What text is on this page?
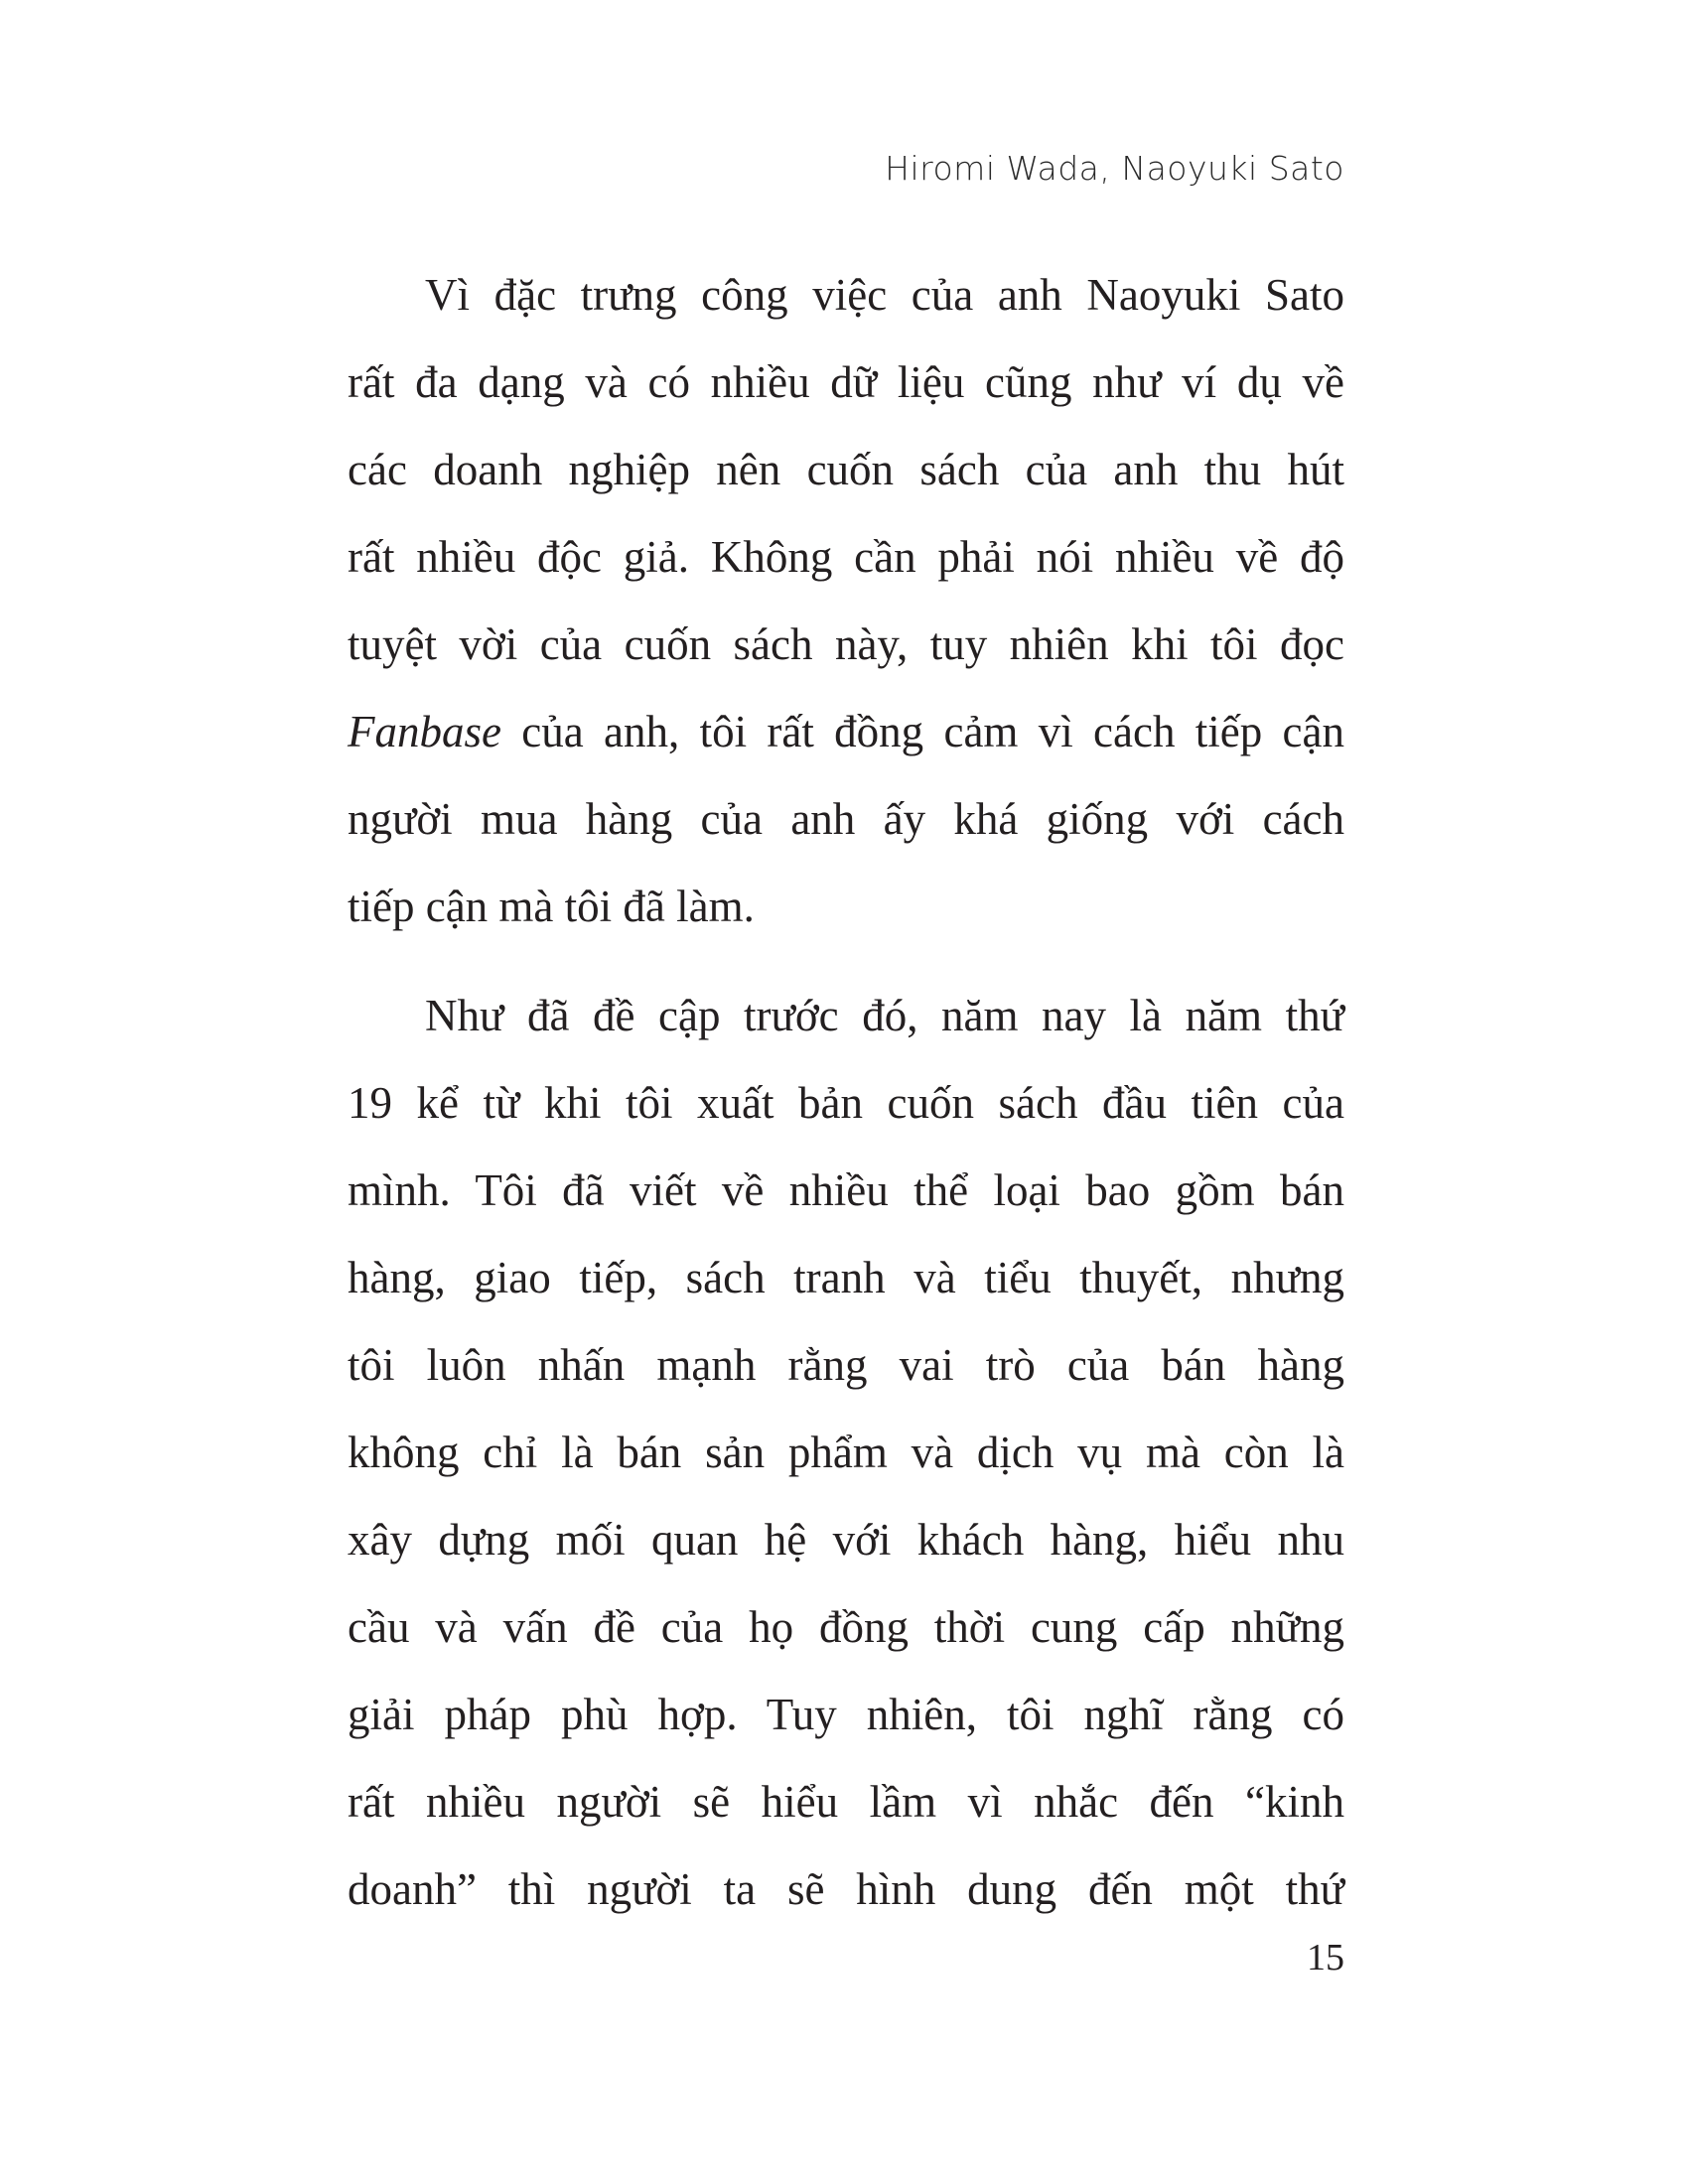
Hiromi Wada, Naoyuki Sato
Vì đặc trưng công việc của anh Naoyuki Sato
rất đa dạng và có nhiều dữ liệu cũng như ví dụ về
các doanh nghiệp nên cuốn sách của anh thu hút
rất nhiều độc giả. Không cần phải nói nhiều về độ
tuyệt vời của cuốn sách này, tuy nhiên khi tôi đọc
Fanbase của anh, tôi rất đồng cảm vì cách tiếp cận
người mua hàng của anh ấy khá giống với cách
tiếp cận mà tôi đã làm.
Như đã đề cập trước đó, năm nay là năm thứ
19 kể từ khi tôi xuất bản cuốn sách đầu tiên của
mình. Tôi đã viết về nhiều thể loại bao gồm bán
hàng, giao tiếp, sách tranh và tiểu thuyết, nhưng
tôi luôn nhấn mạnh rằng vai trò của bán hàng
không chỉ là bán sản phẩm và dịch vụ mà còn là
xây dựng mối quan hệ với khách hàng, hiểu nhu
cầu và vấn đề của họ đồng thời cung cấp những
giải pháp phù hợp. Tuy nhiên, tôi nghĩ rằng có
rất nhiều người sẽ hiểu lầm vì nhắc đến “kinh
doanh” thì người ta sẽ hình dung đến một thứ
15
